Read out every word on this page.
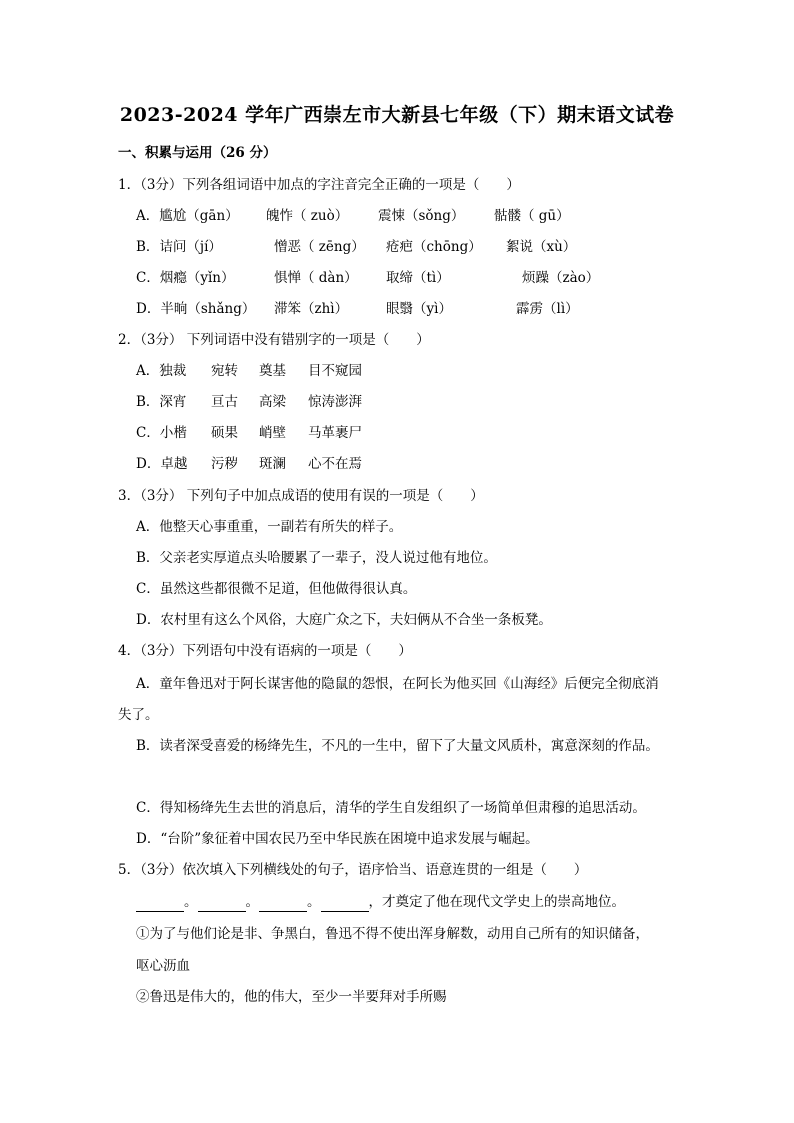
2023-2024 学年广西崇左市大新县七年级（下）期末语文试卷
一、积累与运用（26 分）
1．（3分）下列各组词语中加点的字注音完全正确的一项是（　　）
A．尴尬（gān） 魄怍（ zuò） 震悚（sǒng） 骷髅（ gū）
B．诘问（jí）	憎恶（ zēng） 疮疤（chōng） 絮说（xù）
C．烟瘾（yǐn）	惧惮（ dàn） 取缔（tì）	烦躁（zào）
D．半晌（shǎng） 滞笨（zhì）	眼翳（yì）	霹雳（lì）
2．（3分） 下列词语中没有错别字的一项是（　　）
A．独裁 宛转 奠基 目不窥园
B．深宵 亘古 高梁 惊涛澎湃
C．小楷 硕果 峭壁 马革裹尸
D．卓越 污秽 斑澜 心不在焉
3．（3分） 下列句子中加点成语的使用有误的一项是（　　）
A．他整天心事重重，一副若有所失的样子。
B．父亲老实厚道点头哈腰累了一辈子，没人说过他有地位。
C．虽然这些都很微不足道，但他做得很认真。
D．农村里有这么个风俗，大庭广众之下，夫妇俩从不合坐一条板凳。
4．（3分）下列语句中没有语病的一项是（　　）
A．童年鲁迅对于阿长谋害他的隐鼠的怨恨，在阿长为他买回《山海经》后便完全彻底消
失了。
B．读者深受喜爱的杨绛先生，不凡的一生中，留下了大量文风质朴，寓意深刻的作品。
C．得知杨绛先生去世的消息后，清华的学生自发组织了一场简单但肃穆的追思活动。
D．“台阶”象征着中国农民乃至中华民族在困境中追求发展与崛起。
5．（3分）依次填入下列横线处的句子，语序恰当、语意连贯的一组是（　　）
。	。	。	，才奠定了他在现代文学史上的崇高地位。
①为了与他们论是非、争黑白，鲁迅不得不使出浑身解数，动用自己所有的知识储备，
呕心沥血
②鲁迅是伟大的，他的伟大，至少一半要拜对手所赐
